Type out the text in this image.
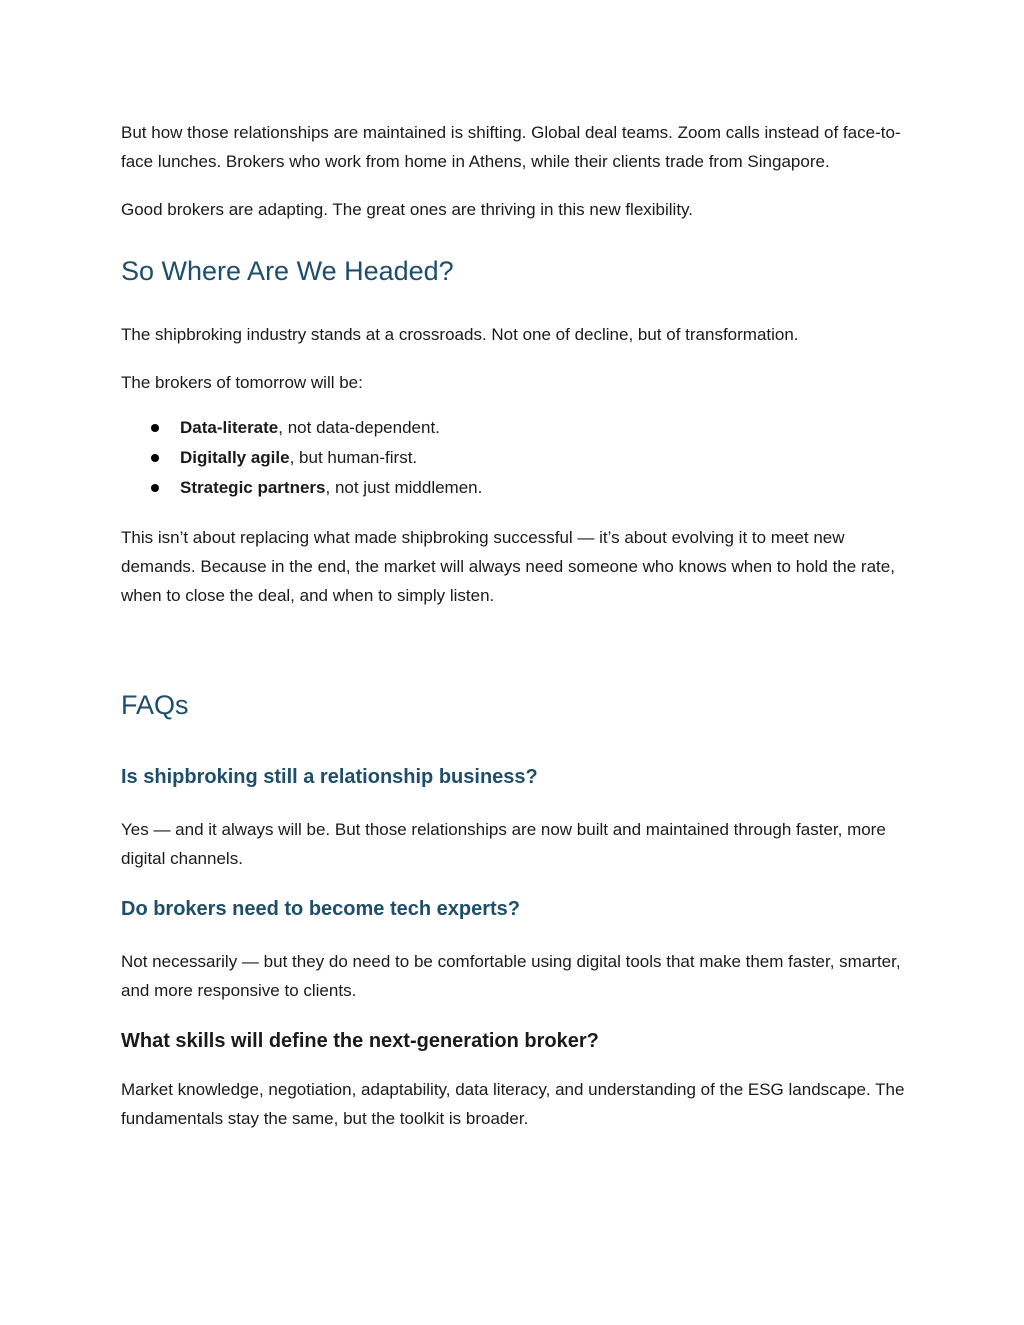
But how those relationships are maintained is shifting. Global deal teams. Zoom calls instead of face-to-face lunches. Brokers who work from home in Athens, while their clients trade from Singapore.

Good brokers are adapting. The great ones are thriving in this new flexibility.

So Where Are We Headed?

The shipbroking industry stands at a crossroads. Not one of decline, but of transformation.

The brokers of tomorrow will be:

Data-literate, not data-dependent.
Digitally agile, but human-first.
Strategic partners, not just middlemen.

This isn’t about replacing what made shipbroking successful — it’s about evolving it to meet new demands. Because in the end, the market will always need someone who knows when to hold the rate, when to close the deal, and when to simply listen.

FAQs
Is shipbroking still a relationship business?

Yes — and it always will be. But those relationships are now built and maintained through faster, more digital channels.

Do brokers need to become tech experts?

Not necessarily — but they do need to be comfortable using digital tools that make them faster, smarter, and more responsive to clients.

What skills will define the next-generation broker?

Market knowledge, negotiation, adaptability, data literacy, and understanding of the ESG landscape. The fundamentals stay the same, but the toolkit is broader.
